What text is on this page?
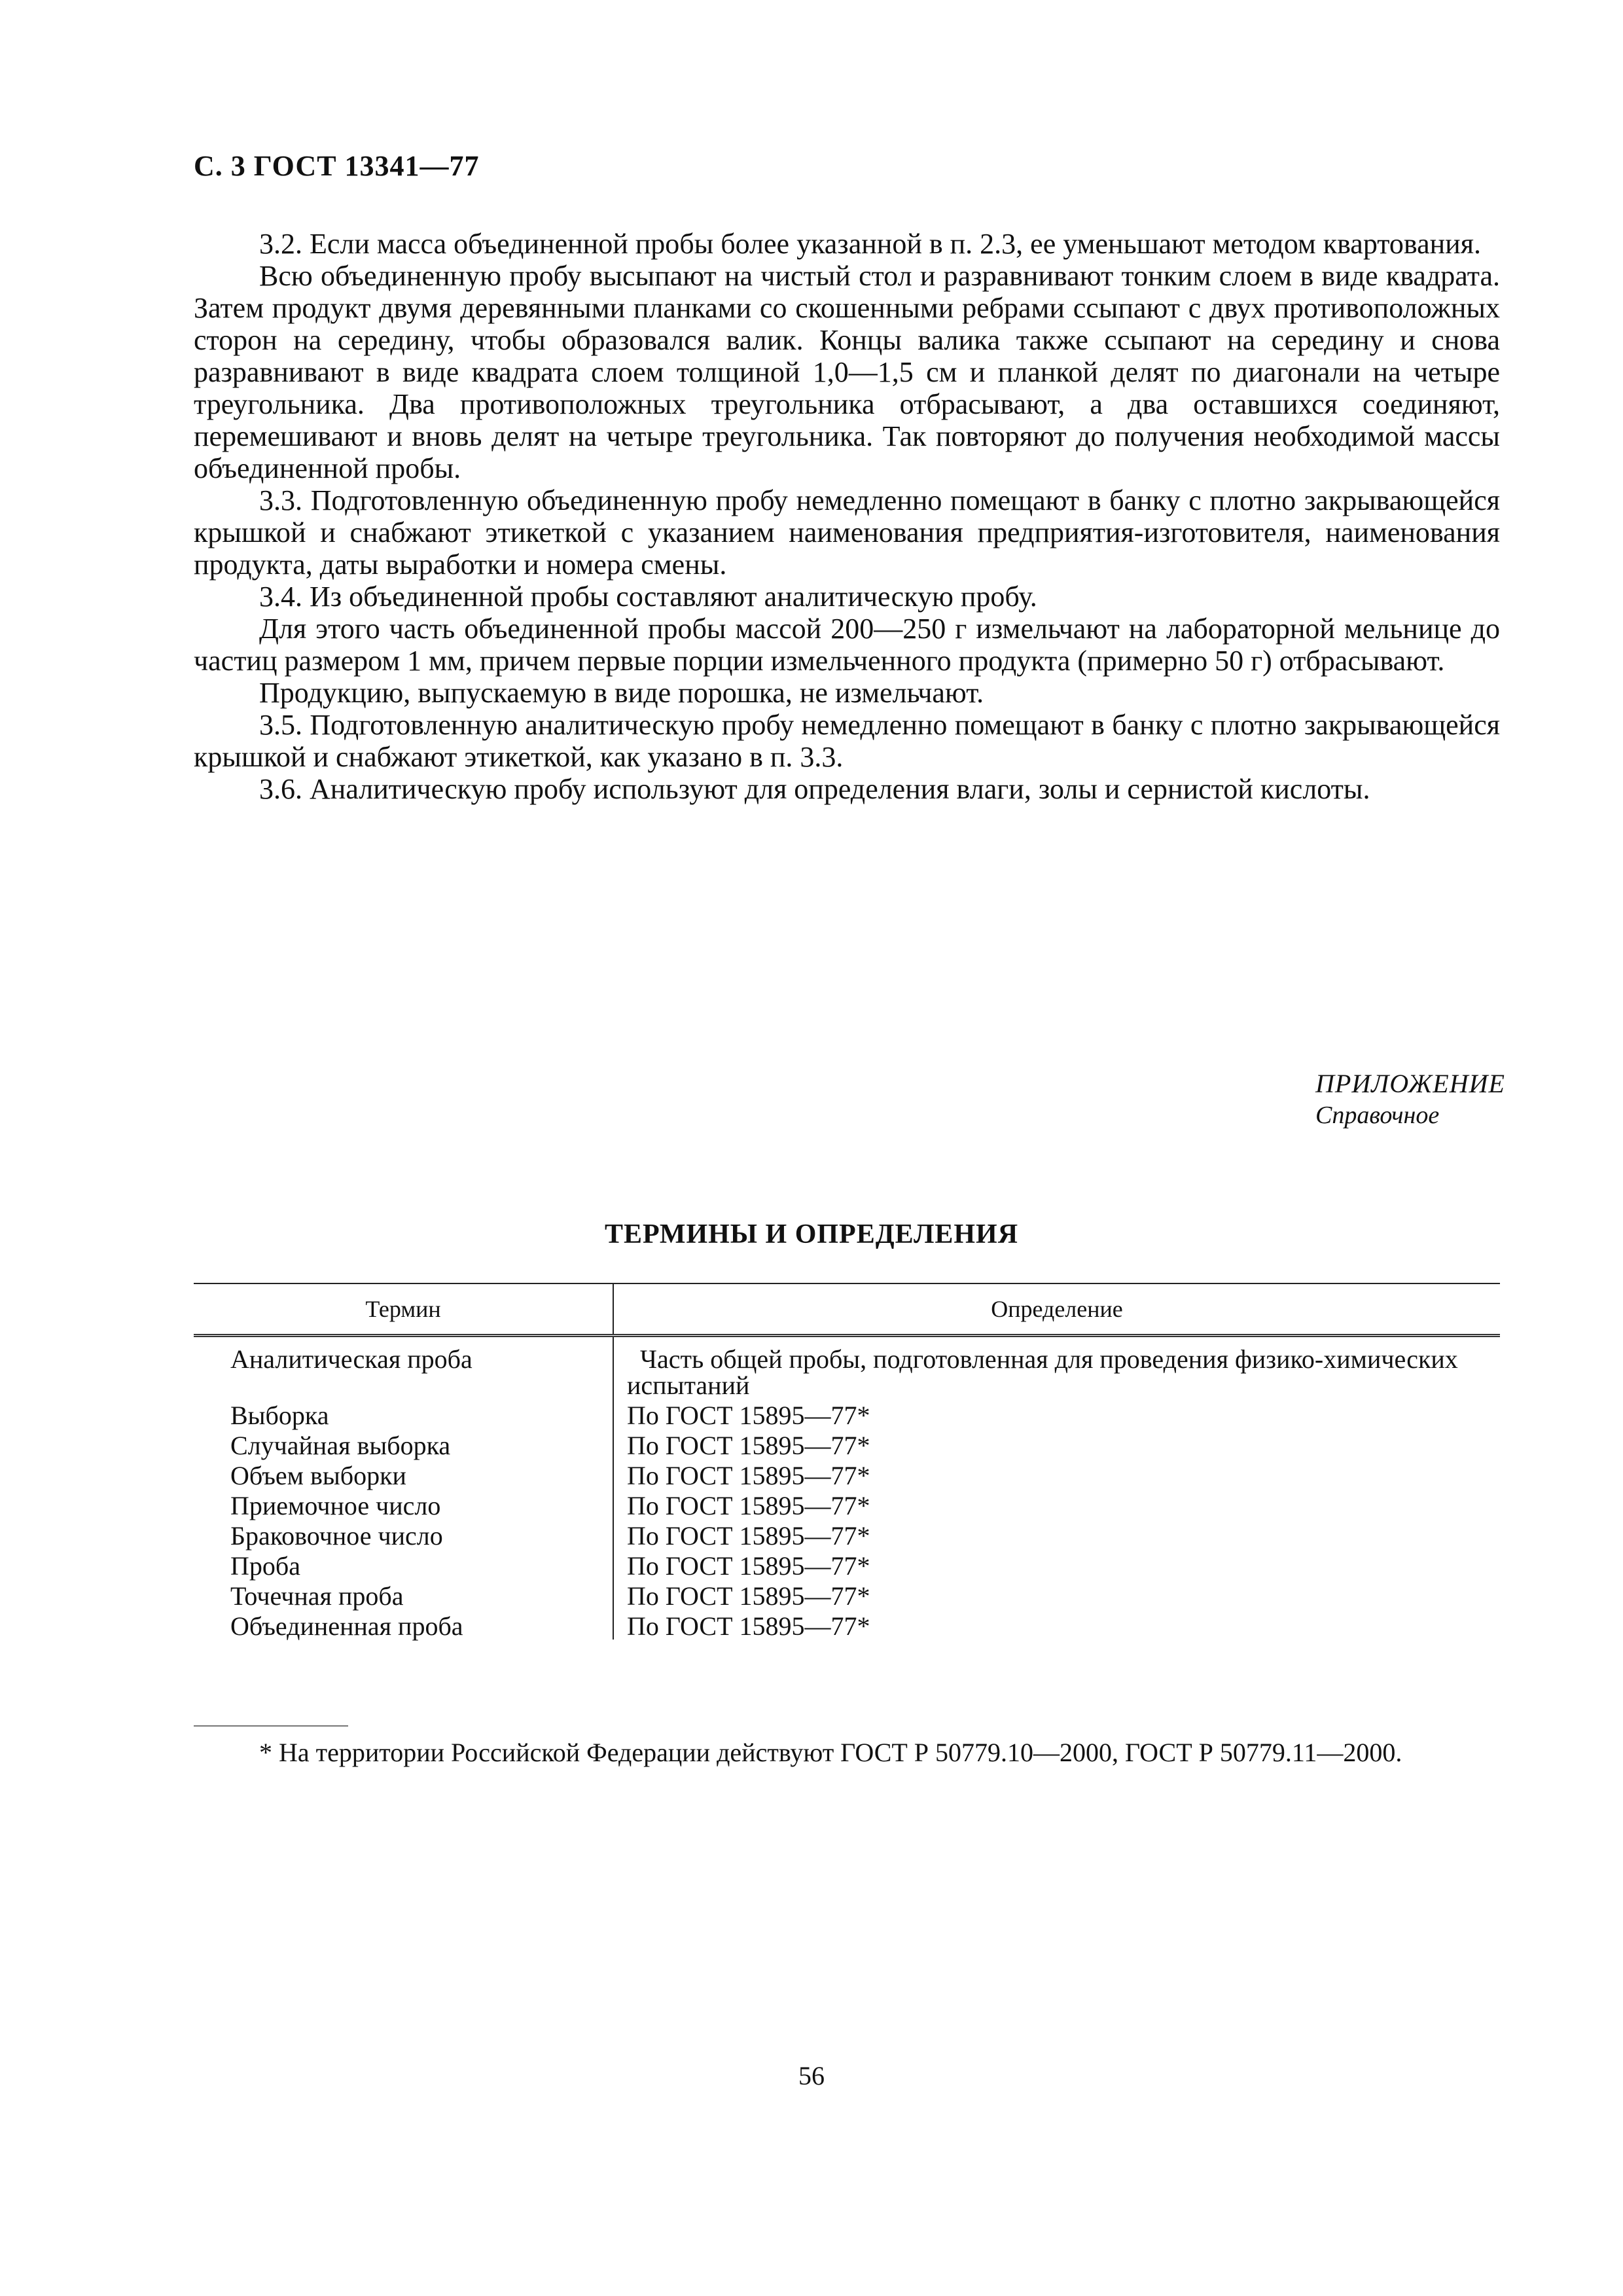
С. 3 ГОСТ 13341—77

3.2. Если масса объединенной пробы более указанной в п. 2.3, ее уменьшают методом квартования.

Всю объединенную пробу высыпают на чистый стол и разравнивают тонким слоем в виде квадрата. Затем продукт двумя деревянными планками со скошенными ребрами ссыпают с двух противоположных сторон на середину, чтобы образовался валик. Концы валика также ссыпают на середину и снова разравнивают в виде квадрата слоем толщиной 1,0—1,5 см и планкой делят по диагонали на четыре треугольника. Два противоположных треугольника отбрасывают, а два оставшихся соединяют, перемешивают и вновь делят на четыре треугольника. Так повторяют до получения необходимой массы объединенной пробы.

3.3. Подготовленную объединенную пробу немедленно помещают в банку с плотно закрывающейся крышкой и снабжают этикеткой с указанием наименования предприятия-изготовителя, наименования продукта, даты выработки и номера смены.

3.4. Из объединенной пробы составляют аналитическую пробу.

Для этого часть объединенной пробы массой 200—250 г измельчают на лабораторной мельнице до частиц размером 1 мм, причем первые порции измельченного продукта (примерно 50 г) отбрасывают.

Продукцию, выпускаемую в виде порошка, не измельчают.

3.5. Подготовленную аналитическую пробу немедленно помещают в банку с плотно закрывающейся крышкой и снабжают этикеткой, как указано в п. 3.3.

3.6. Аналитическую пробу используют для определения влаги, золы и сернистой кислоты.

ПРИЛОЖЕНИЕ
Справочное
ТЕРМИНЫ И ОПРЕДЕЛЕНИЯ
Термин	Определение
Аналитическая проба	Часть общей пробы, подготовленная для проведения физико-химических испытаний
Выборка	По ГОСТ 15895—77*
Случайная выборка	По ГОСТ 15895—77*
Объем выборки	По ГОСТ 15895—77*
Приемочное число	По ГОСТ 15895—77*
Браковочное число	По ГОСТ 15895—77*
Проба	По ГОСТ 15895—77*
Точечная проба	По ГОСТ 15895—77*
Объединенная проба	По ГОСТ 15895—77*
* На территории Российской Федерации действуют ГОСТ Р 50779.10—2000, ГОСТ Р 50779.11—2000.
56
